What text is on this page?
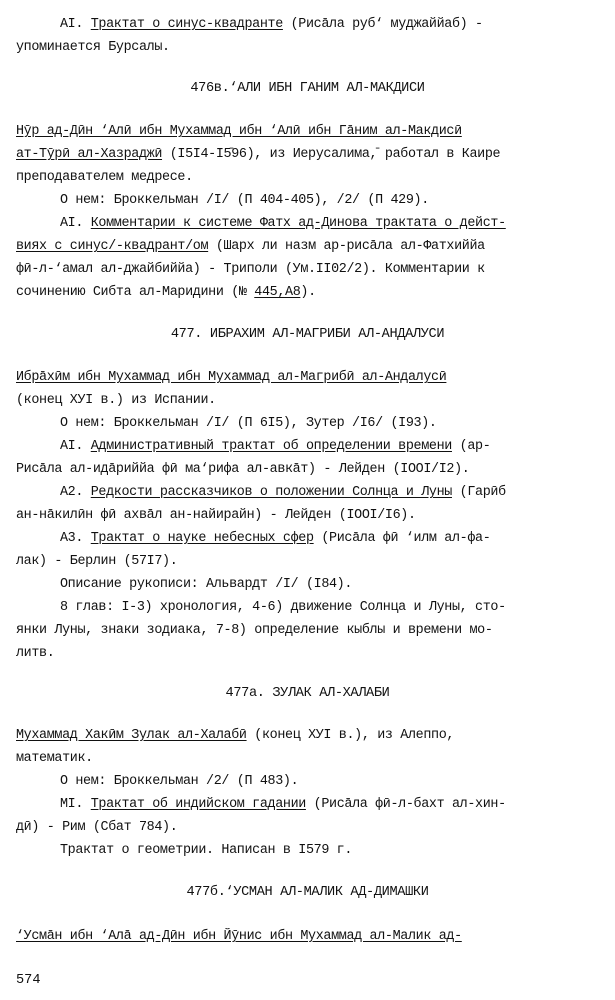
AI. Трактат о синус-квадранте (Рисāла руб‘ муджаййаб) -
упоминается Бурсалы.
476в.‘АЛИ ИБН ГАНИМ АЛ-МАКДИСИ
Нӯр ад-Дӣн ‘Алӣ ибн Мухаммад ибн ‘Алӣ ибн Гāним ал-Макдисӣ
ат-Тӯрӣ ал-Хазраджӣ (I5I4-I5̄96), из Иерусалима,̄ работал в Каире
преподавателем медресе.
О нем: Броккельман /I/ (П 404-405), /2/ (П 429).
AI. Комментарии к системе Фатх ад-Динова трактата о дейст-
виях с синус/-квадрант/ом (Шарх ли назм ар-рисāла ал-Фатхиййа
фӣ-л-‘амал ал-джайбиййа) - Триполи (Ум.II02/2). Комментарии к
сочинению Сибта ал-Маридини (№ 445,A8).
477. ИБРАХИМ АЛ-МАГРИБИ АЛ-АНДАЛУСИ
Ибрāхӣм ибн Мухаммад ибн Мухаммад ал-Магрибӣ ал-Андалусӣ
(конец XУI в.) из Испании.
О нем: Броккельман /I/ (П 6I5), Зутер /I6/ (I93).
AI. Административный трактат об определении времени (ар-
Рисāла ал-идāриййа фӣ ма‘рифа ал-авкāт) - Лейден (IOOI/I2).
A2. Редкости рассказчиков о положении Солнца и Луны (Гарӣб
ан-нāкилӣн фӣ ахвāл ан-найирайн) - Лейден (IOOI/I6).
A3. Трактат о науке небесных сфер (Рисāла фӣ ‘илм ал-фа-
лак) - Берлин (57I7).
Описание рукописи: Альвардт /I/ (I84).
8 глав: I-3) хронология, 4-6) движение Солнца и Луны, сто-
янки Луны, знаки зодиака, 7-8) определение кыблы и времени мо-
литв.
477а. ЗУЛАК АЛ-ХАЛАБИ
Мухаммад Хакӣм Зулак ал-Халабӣ (конец XУI в.), из Алеппо,
математик.
О нем: Броккельман /2/ (П 483).
MI. Трактат об индийском гадании (Рисāла фӣ-л-бахт ал-хин-
дӣ) - Рим (Сбат 784).
Трактат о геометрии. Написан в I579 г.
477б.‘УСМАН АЛ-МАЛИК АД-ДИМАШКИ
‘Усмāн ибн ‘Алā ад-Дӣн ибн Йӯнис ибн Мухаммад ал-Малик ад-
574
